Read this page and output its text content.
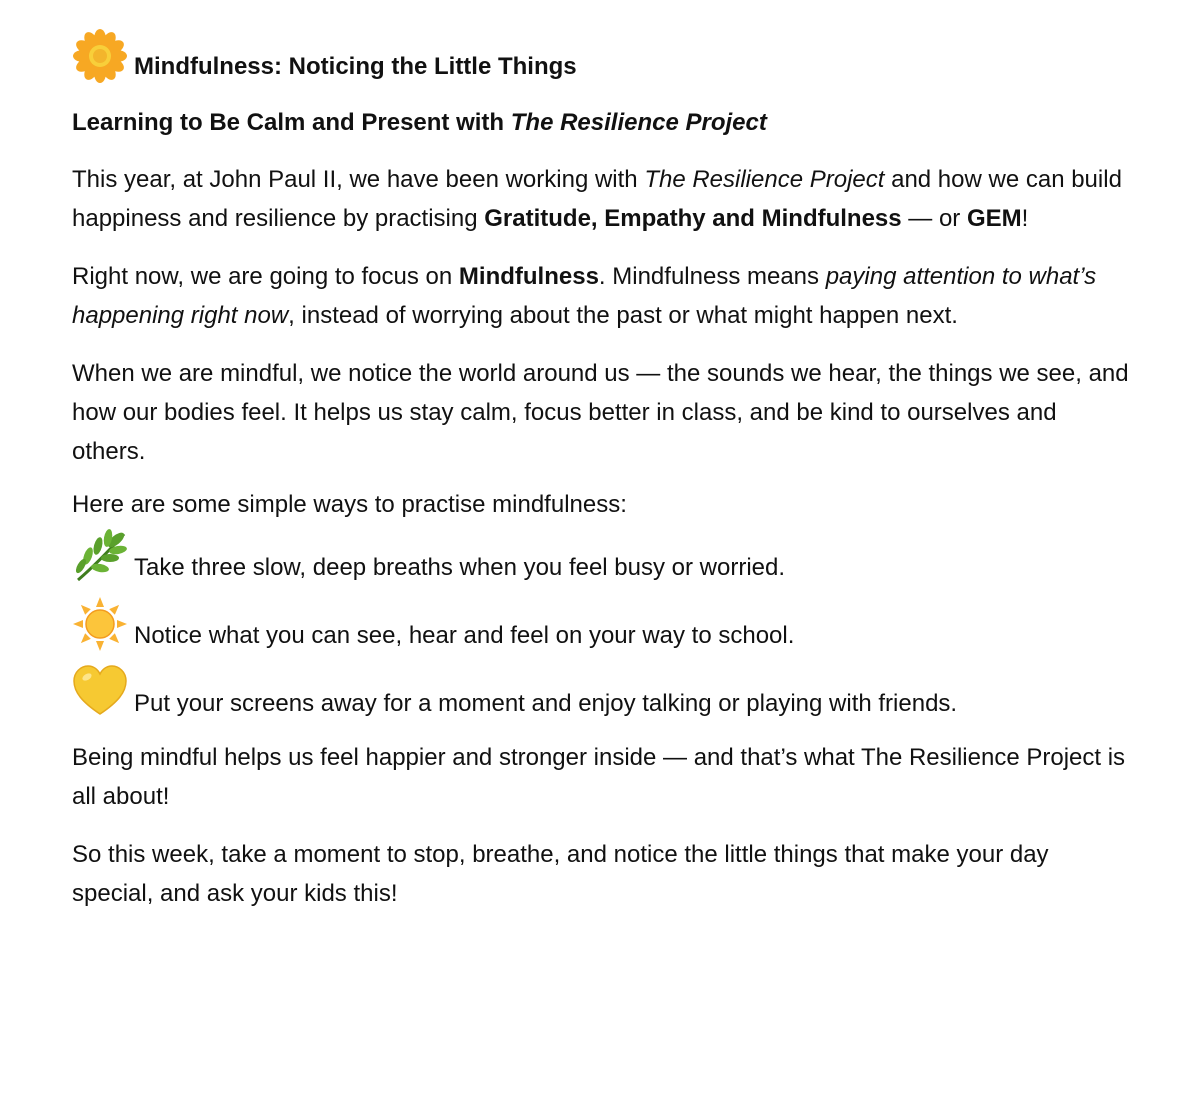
Mindfulness: Noticing the Little Things
Learning to Be Calm and Present with The Resilience Project

This year, at John Paul II, we have been working with The Resilience Project and how we can build happiness and resilience by practising Gratitude, Empathy and Mindfulness — or GEM!

Right now, we are going to focus on Mindfulness. Mindfulness means paying attention to what’s happening right now, instead of worrying about the past or what might happen next.

When we are mindful, we notice the world around us — the sounds we hear, the things we see, and how our bodies feel. It helps us stay calm, focus better in class, and be kind to ourselves and others.

Here are some simple ways to practise mindfulness:

Take three slow, deep breaths when you feel busy or worried.
Notice what you can see, hear and feel on your way to school.
Put your screens away for a moment and enjoy talking or playing with friends.

Being mindful helps us feel happier and stronger inside — and that’s what The Resilience Project is all about!

So this week, take a moment to stop, breathe, and notice the little things that make your day special, and ask your kids this!
